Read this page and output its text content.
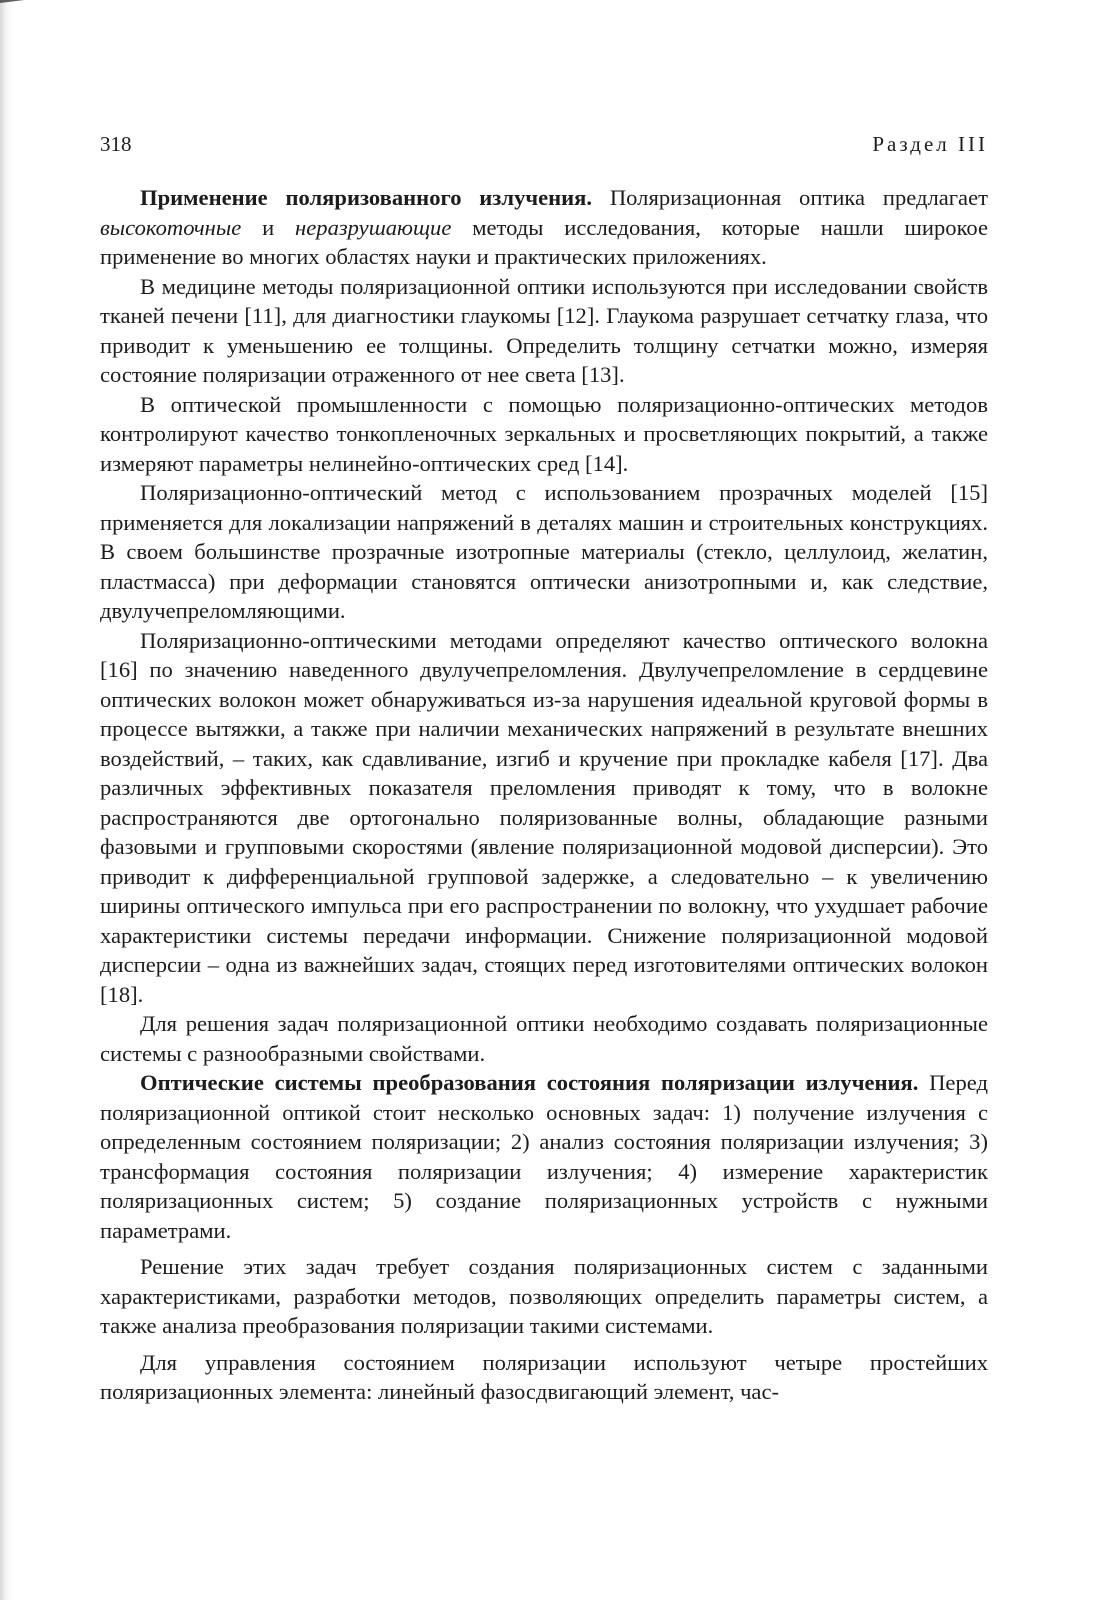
318	Раздел III

Применение поляризованного излучения. Поляризационная оптика предлагает высокоточные и неразрушающие методы исследования, которые нашли широкое применение во многих областях науки и практических приложениях.

В медицине методы поляризационной оптики используются при исследовании свойств тканей печени [11], для диагностики глаукомы [12]. Глаукома разрушает сетчатку глаза, что приводит к уменьшению ее толщины. Определить толщину сетчатки можно, измеряя состояние поляризации отраженного от нее света [13].

В оптической промышленности с помощью поляризационно-оптических методов контролируют качество тонкопленочных зеркальных и просветляющих покрытий, а также измеряют параметры нелинейно-оптических сред [14].

Поляризационно-оптический метод с использованием прозрачных моделей [15] применяется для локализации напряжений в деталях машин и строительных конструкциях. В своем большинстве прозрачные изотропные материалы (стекло, целлулоид, желатин, пластмасса) при деформации становятся оптически анизотропными и, как следствие, двулучепреломляющими.

Поляризационно-оптическими методами определяют качество оптического волокна [16] по значению наведенного двулучепреломления. Двулучепреломление в сердцевине оптических волокон может обнаруживаться из-за нарушения идеальной круговой формы в процессе вытяжки, а также при наличии механических напряжений в результате внешних воздействий, – таких, как сдавливание, изгиб и кручение при прокладке кабеля [17]. Два различных эффективных показателя преломления приводят к тому, что в волокне распространяются две ортогонально поляризованные волны, обладающие разными фазовыми и групповыми скоростями (явление поляризационной модовой дисперсии). Это приводит к дифференциальной групповой задержке, а следовательно – к увеличению ширины оптического импульса при его распространении по волокну, что ухудшает рабочие характеристики системы передачи информации. Снижение поляризационной модовой дисперсии – одна из важнейших задач, стоящих перед изготовителями оптических волокон [18].

Для решения задач поляризационной оптики необходимо создавать поляризационные системы с разнообразными свойствами.

Оптические системы преобразования состояния поляризации излучения. Перед поляризационной оптикой стоит несколько основных задач: 1) получение излучения с определенным состоянием поляризации; 2) анализ состояния поляризации излучения; 3) трансформация состояния поляризации излучения; 4) измерение характеристик поляризационных систем; 5) создание поляризационных устройств с нужными параметрами.

Решение этих задач требует создания поляризационных систем с заданными характеристиками, разработки методов, позволяющих определить параметры систем, а также анализа преобразования поляризации такими системами.

Для управления состоянием поляризации используют четыре простейших поляризационных элемента: линейный фазосдвигающий элемент, час-
